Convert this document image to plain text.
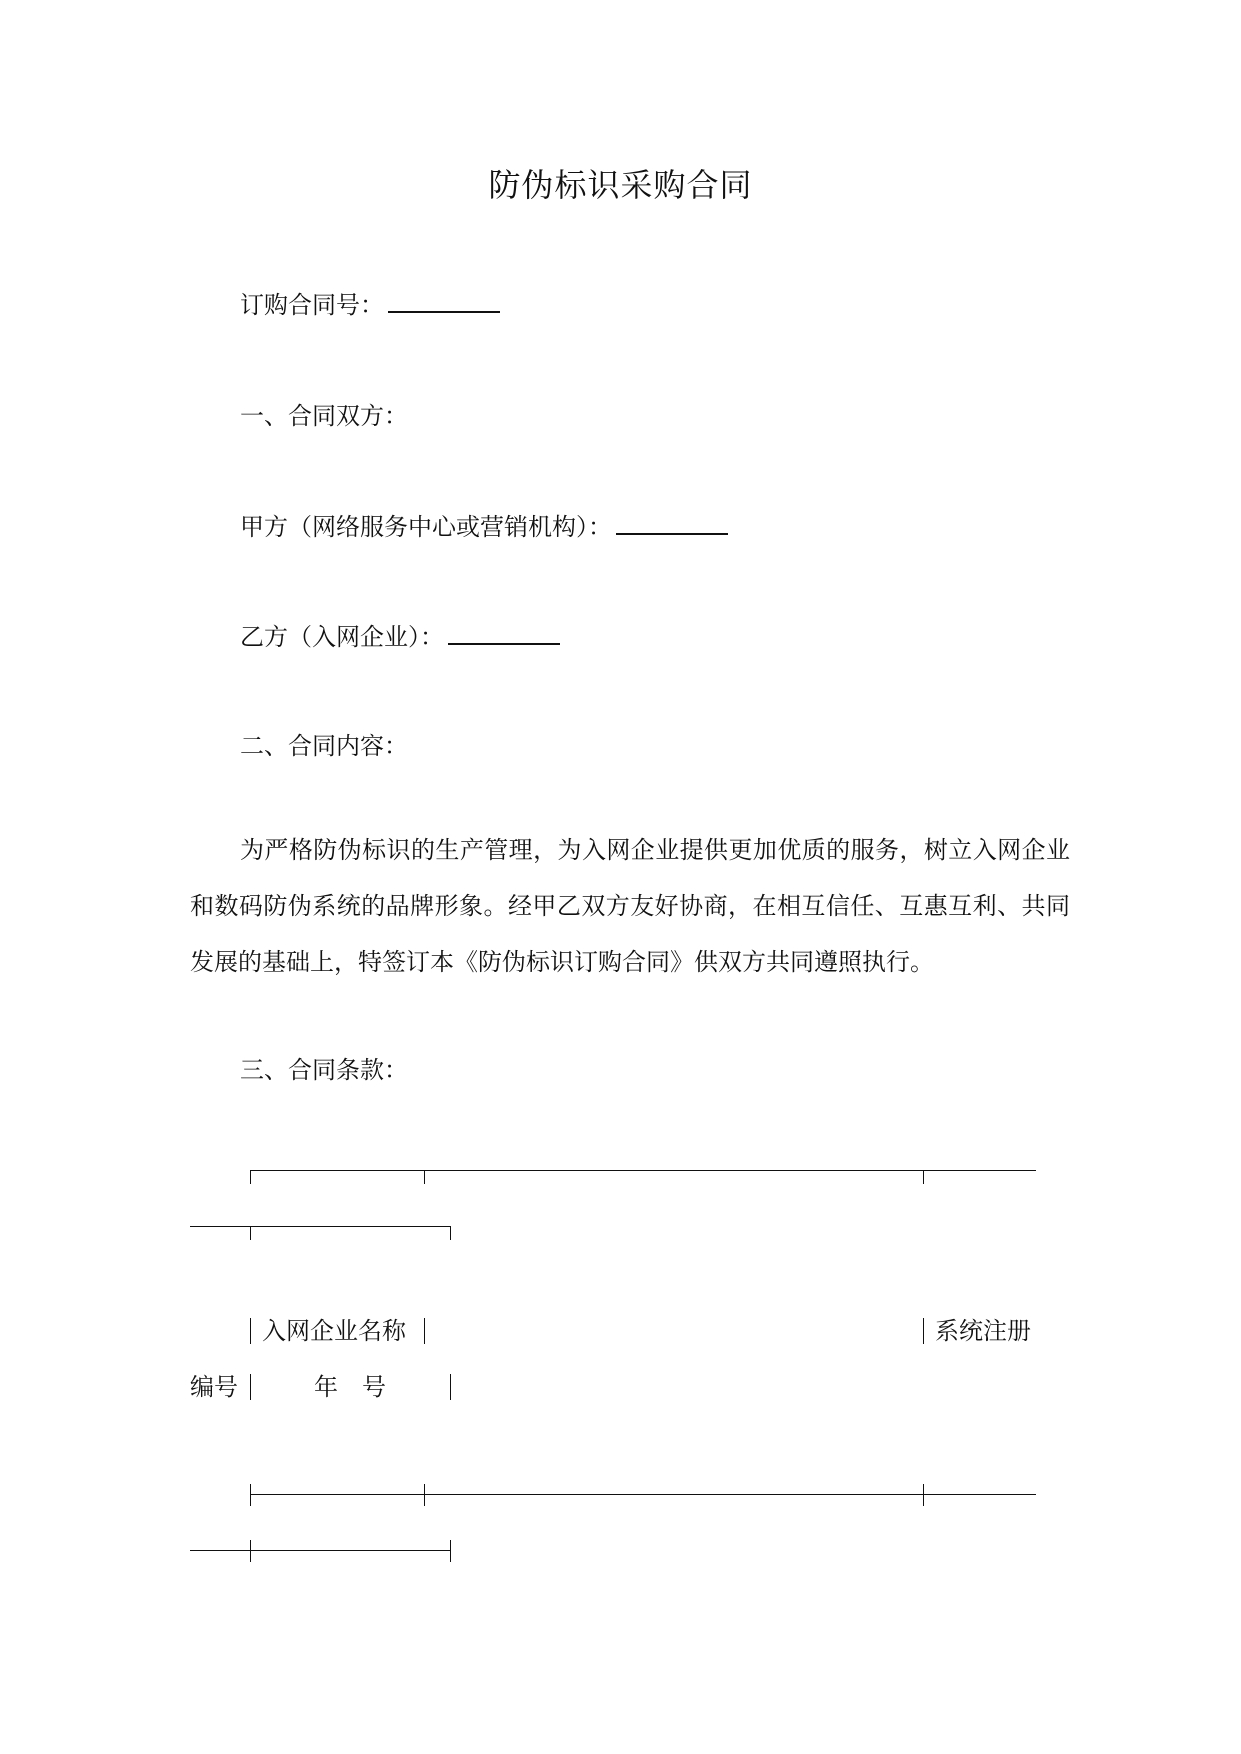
防伪标识采购合同
订购合同号：
一、合同双方：
甲方（网络服务中心或营销机构）：
乙方（入网企业）：
二、合同内容：
为严格防伪标识的生产管理，为入网企业提供更加优质的服务，树立入网企业和数码防伪系统的品牌形象。经甲乙双方友好协商，在相互信任、互惠互利、共同发展的基础上，特签订本《防伪标识订购合同》供双方共同遵照执行。
三、合同条款：
入网企业名称	系统注册
编号	年　号
